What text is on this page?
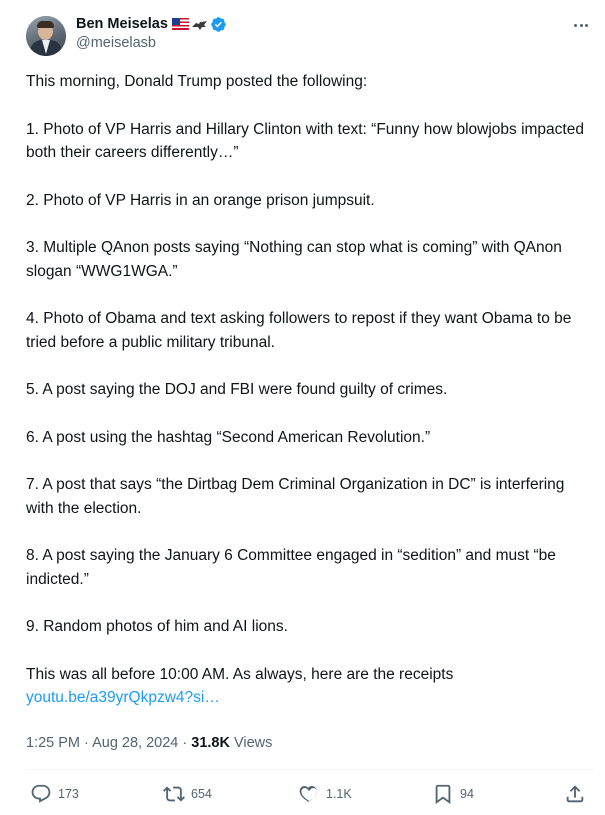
Ben Meiselas
@meiselasb

This morning, Donald Trump posted the following:

1. Photo of VP Harris and Hillary Clinton with text: “Funny how blowjobs impacted both their careers differently…”

2. Photo of VP Harris in an orange prison jumpsuit.

3. Multiple QAnon posts saying “Nothing can stop what is coming” with QAnon slogan “WWG1WGA.”

4. Photo of Obama and text asking followers to repost if they want Obama to be tried before a public military tribunal.

5. A post saying the DOJ and FBI were found guilty of crimes.

6. A post using the hashtag “Second American Revolution.”

7. A post that says “the Dirtbag Dem Criminal Organization in DC” is interfering with the election.

8. A post saying the January 6 Committee engaged in “sedition” and must “be indicted.”

9. Random photos of him and AI lions.

This was all before 10:00 AM. As always, here are the receipts

youtu.be/a39yrQkpzw4?si…

1:25 PM · Aug 28, 2024 · 31.8K Views
173	654	1.1K	94
